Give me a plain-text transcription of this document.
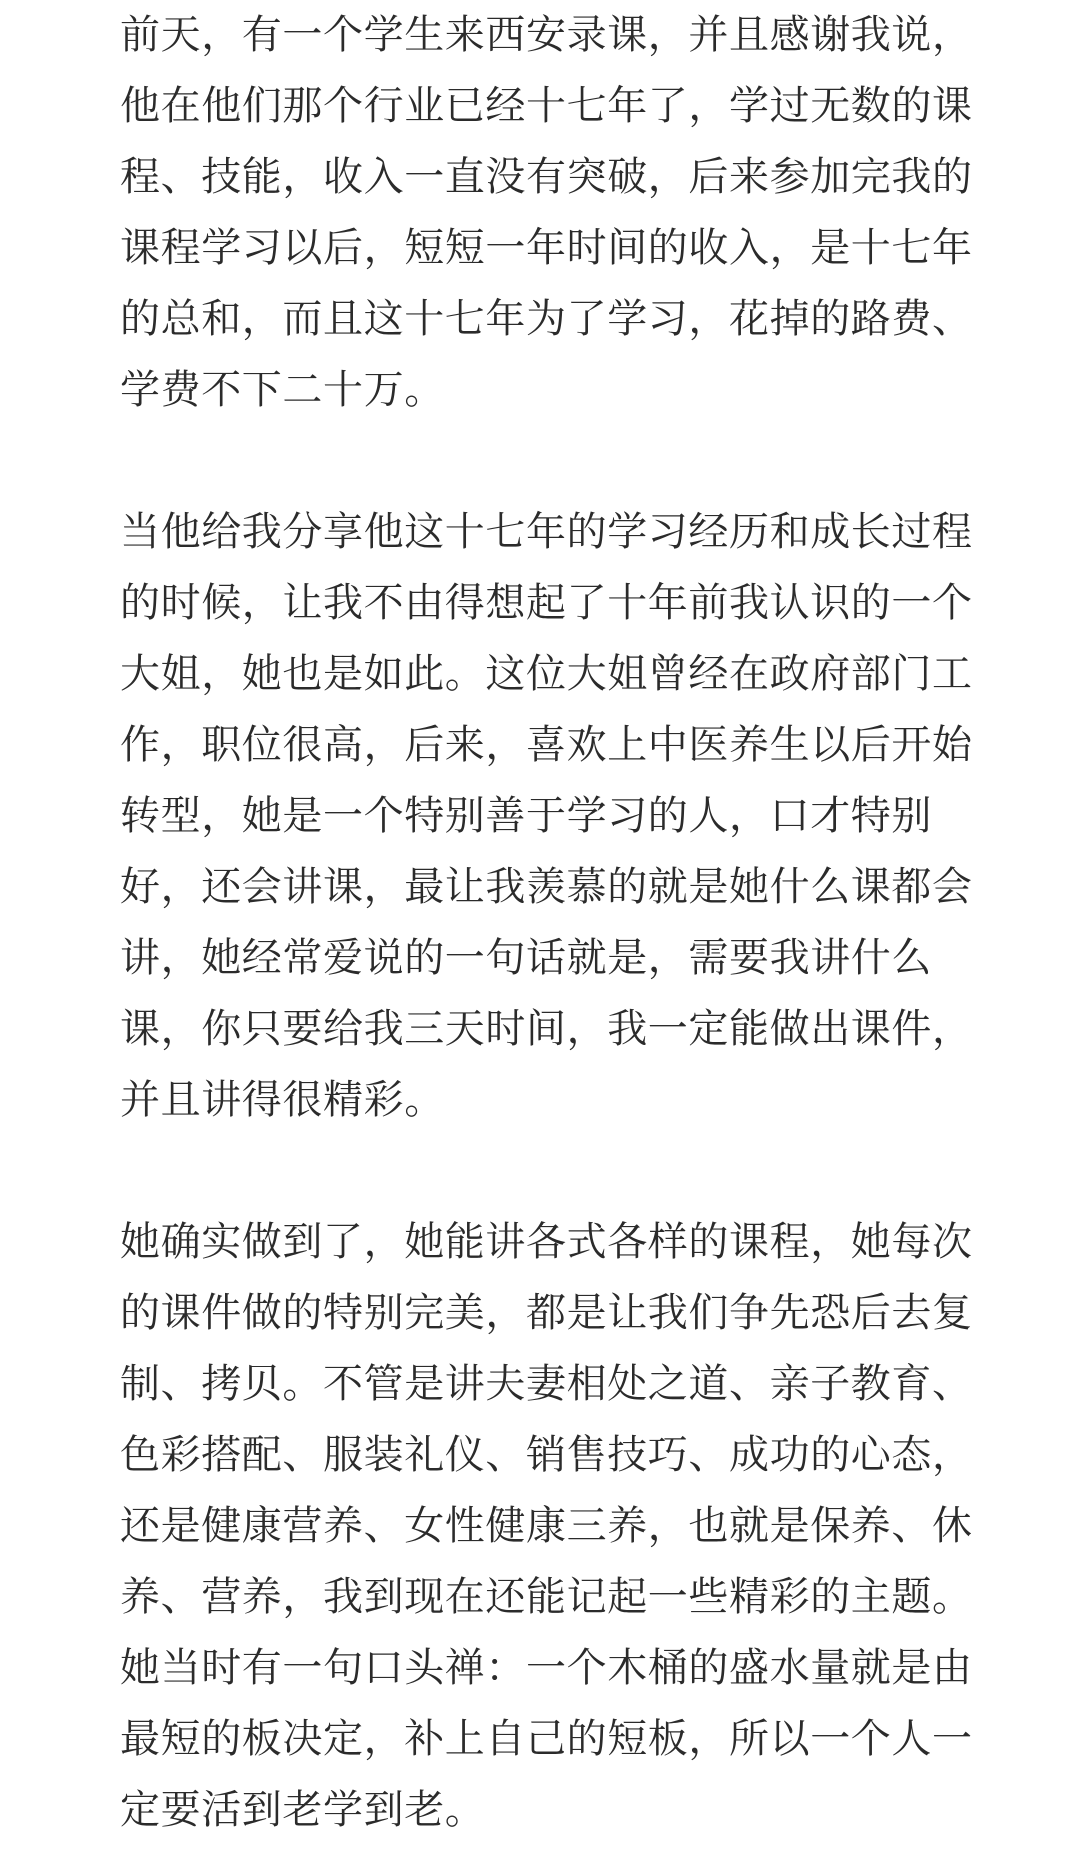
前天，有一个学生来西安录课，并且感谢我说，
他在他们那个行业已经十七年了，学过无数的课
程、技能，收入一直没有突破，后来参加完我的
课程学习以后，短短一年时间的收入，是十七年
的总和，而且这十七年为了学习，花掉的路费、
学费不下二十万。
当他给我分享他这十七年的学习经历和成长过程
的时候，让我不由得想起了十年前我认识的一个
大姐，她也是如此。这位大姐曾经在政府部门工
作，职位很高，后来，喜欢上中医养生以后开始
转型，她是一个特别善于学习的人，口才特别
好，还会讲课，最让我羡慕的就是她什么课都会
讲，她经常爱说的一句话就是，需要我讲什么
课，你只要给我三天时间，我一定能做出课件，
并且讲得很精彩。
她确实做到了，她能讲各式各样的课程，她每次
的课件做的特别完美，都是让我们争先恐后去复
制、拷贝。不管是讲夫妻相处之道、亲子教育、
色彩搭配、服装礼仪、销售技巧、成功的心态，
还是健康营养、女性健康三养，也就是保养、休
养、营养，我到现在还能记起一些精彩的主题。
她当时有一句口头禅：一个木桶的盛水量就是由
最短的板决定，补上自己的短板，所以一个人一
定要活到老学到老。
